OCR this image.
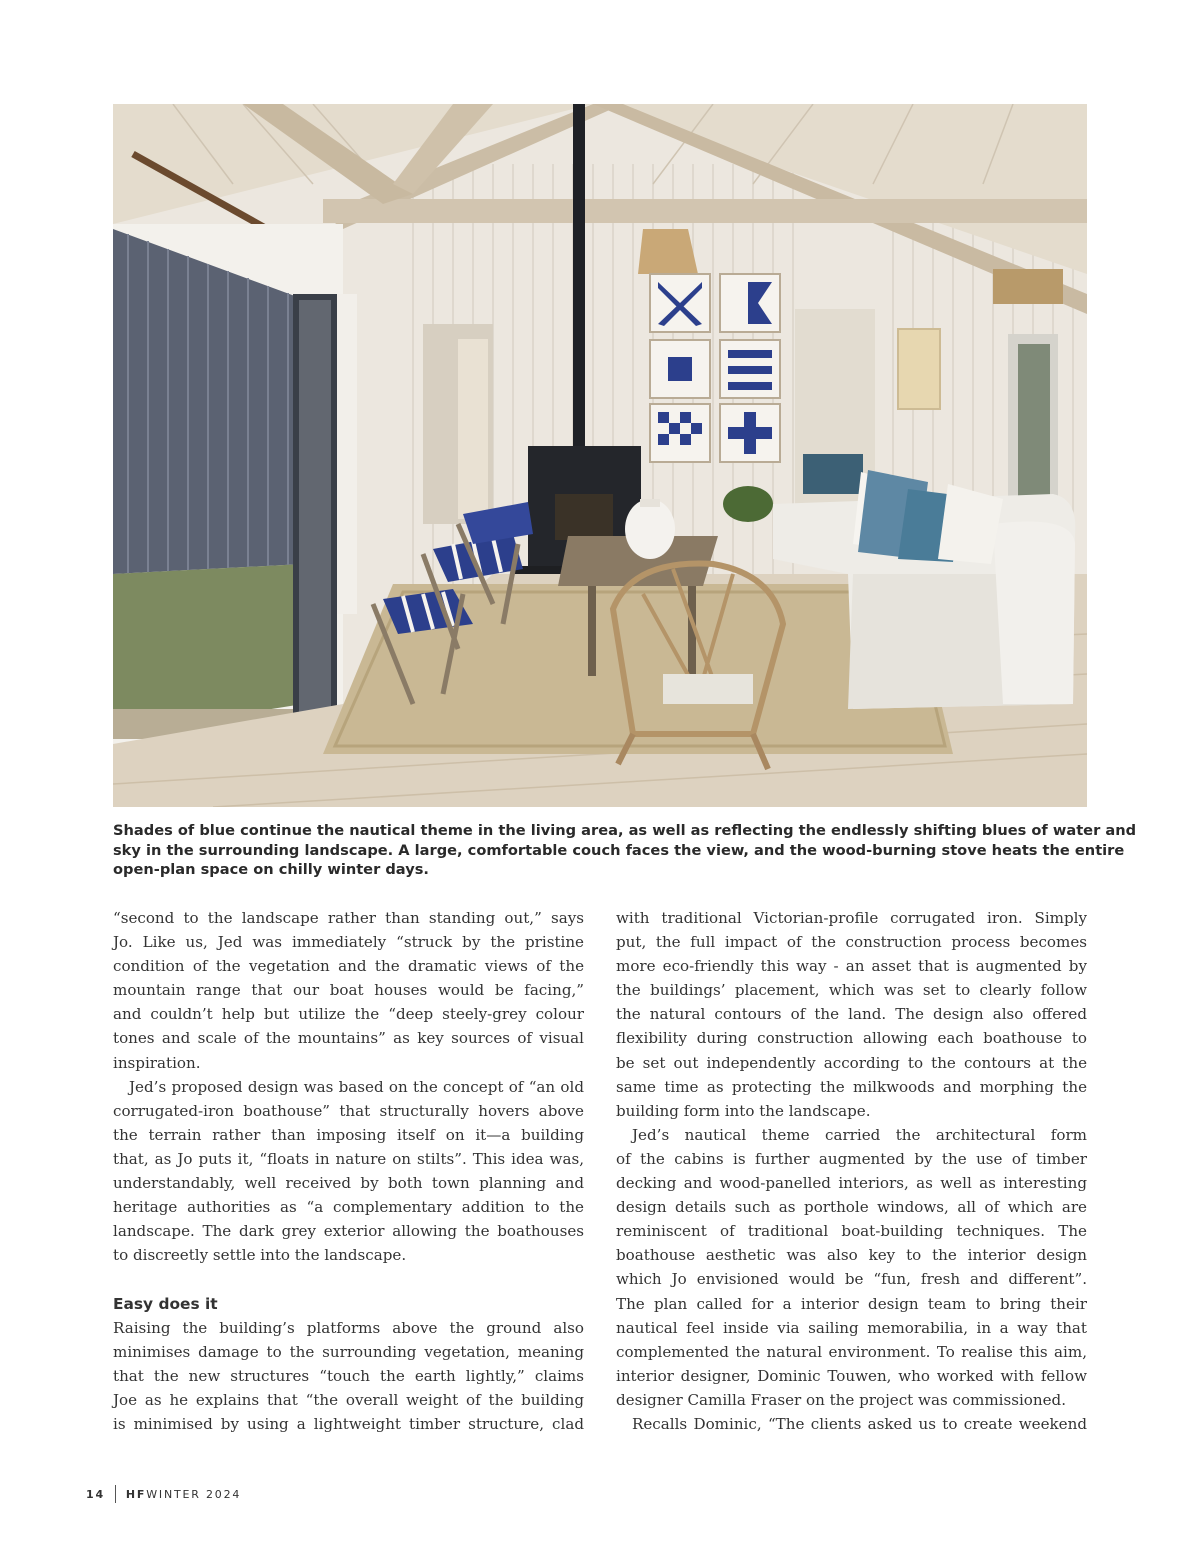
Shades of blue continue the nautical theme in the living area, as well as reflecting the endlessly shifting blues of water and
sky in the surrounding landscape. A large, comfortable couch faces the view, and the wood-burning stove heats the entire
open-plan space on chilly winter days.
“second to the landscape rather than standing out,” says
Jo. Like us, Jed was immediately “struck by the pristine
condition of the vegetation and the dramatic views of the
mountain range that our boat houses would be facing,”
and couldn’t help but utilize the “deep steely-grey colour
tones and scale of the mountains” as key sources of visual
inspiration.
Jed’s proposed design was based on the concept of “an old
corrugated-iron boathouse” that structurally hovers above
the terrain rather than imposing itself on it—a building
that, as Jo puts it, “floats in nature on stilts”. This idea was,
understandably, well received by both town planning and
heritage authorities as “a complementary addition to the
landscape. The dark grey exterior allowing the boathouses
to discreetly settle into the landscape.
Easy does it
Raising the building’s platforms above the ground also
minimises damage to the surrounding vegetation, meaning
that the new structures “touch the earth lightly,” claims
Joe as he explains that “the overall weight of the building
is minimised by using a lightweight timber structure, clad
with traditional Victorian-profile corrugated iron. Simply
put, the full impact of the construction process becomes
more eco-friendly this way - an asset that is augmented by
the buildings’ placement, which was set to clearly follow
the natural contours of the land. The design also offered
flexibility during construction allowing each boathouse to
be set out independently according to the contours at the
same time as protecting the milkwoods and morphing the
building form into the landscape.
Jed’s nautical theme carried the architectural form
of the cabins is further augmented by the use of timber
decking and wood-panelled interiors, as well as interesting
design details such as porthole windows, all of which are
reminiscent of traditional boat-building techniques. The
boathouse aesthetic was also key to the interior design
which Jo envisioned would be “fun, fresh and different”.
The plan called for a interior design team to bring their
nautical feel inside via sailing memorabilia, in a way that
complemented the natural environment. To realise this aim,
interior designer, Dominic Touwen, who worked with fellow
designer Camilla Fraser on the project was commissioned.
Recalls Dominic, “The clients asked us to create weekend
14 HF WINTER 2024
